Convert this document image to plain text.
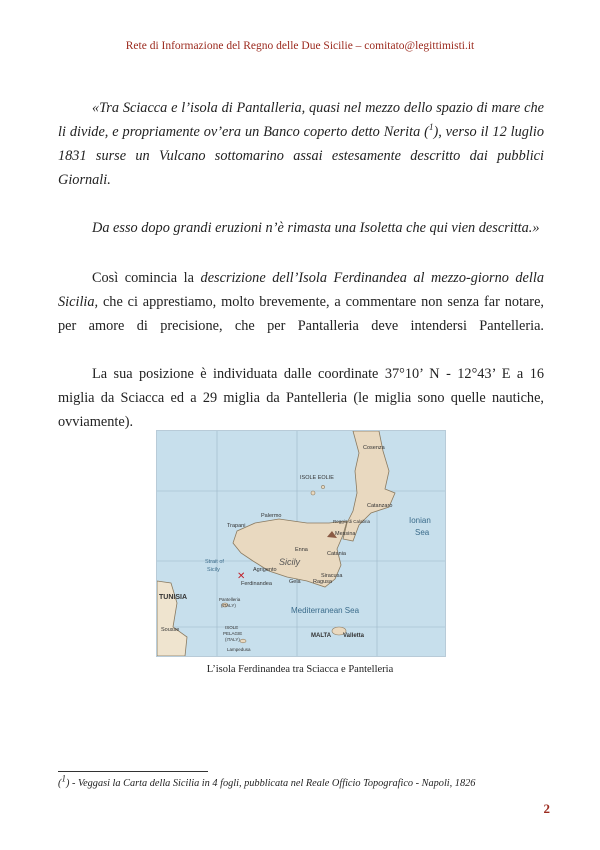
Rete di Informazione del Regno delle Due Sicilie – comitato@legittimisti.it

«Tra Sciacca e l’isola di Pantalleria, quasi nel mezzo dello spazio di mare che li divide, e propriamente ov’era un Banco coperto detto Nerita ($^1$), verso il 12 luglio 1831 surse un Vulcano sottomarino assai estesamente descritto dai pubblici Giornali.

Da esso dopo grandi eruzioni n’è rimasta una Isoletta che qui vien descritta.»

Così comincia la descrizione dell’Isola Ferdinandea al mezzo-giorno della Sicilia, che ci apprestiamo, molto brevemente, a commentare non senza far notare, per amore di precisione, che per Pantalleria deve intendersi Pantelleria.

La sua posizione è individuata dalle coordinate 37°10’ N - 12°43’ E a 16 miglia da Sciacca ed a 29 miglia da Pantelleria (le miglia sono quelle nautiche, ovviamente).

✕
Cosenza
ISOLE EOLIE
Catanzaro
Ionian
Sea
Palermo
Messina
Reggio di Calabria
Trapani
Enna
Catania
Sicily
Strait of
Sicily	Agrigento
Ferdinandea
Siracusa
Gela Ragusa
TUNISIA	Pantelleria
(ITALY)
Mediterranean Sea
Sousse	ISOLE
PELAGIE
(ITALY)
MALTA Valletta
Lampedusa
L’isola Ferdinandea tra Sciacca e Pantelleria
($^1$) - Veggasi la Carta della Sicilia in 4 fogli, pubblicata nel Reale Officio Topografico - Napoli, 1826
2
